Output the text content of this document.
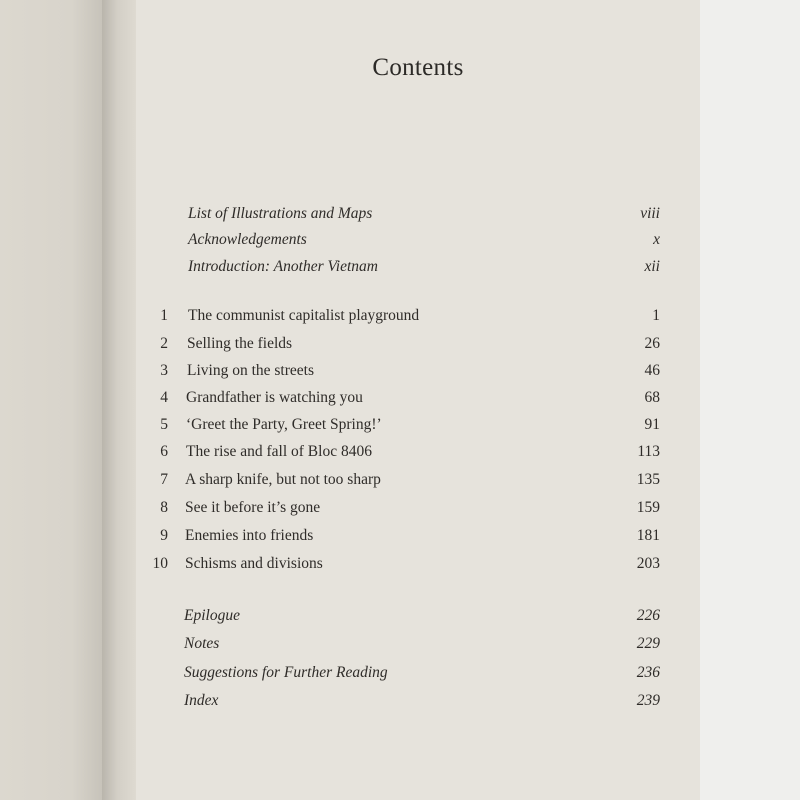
Contents
List of Illustrations and Maps	viii
Acknowledgements	x
Introduction: Another Vietnam	xii
1 The communist capitalist playground	1
2 Selling the fields	26
3 Living on the streets	46
4 Grandfather is watching you	68
5 ‘Greet the Party, Greet Spring!’	91
6 The rise and fall of Bloc 8406	113
7 A sharp knife, but not too sharp	135
8 See it before it’s gone	159
9 Enemies into friends	181
10 Schisms and divisions	203
Epilogue	226
Notes	229
Suggestions for Further Reading	236
Index	239
